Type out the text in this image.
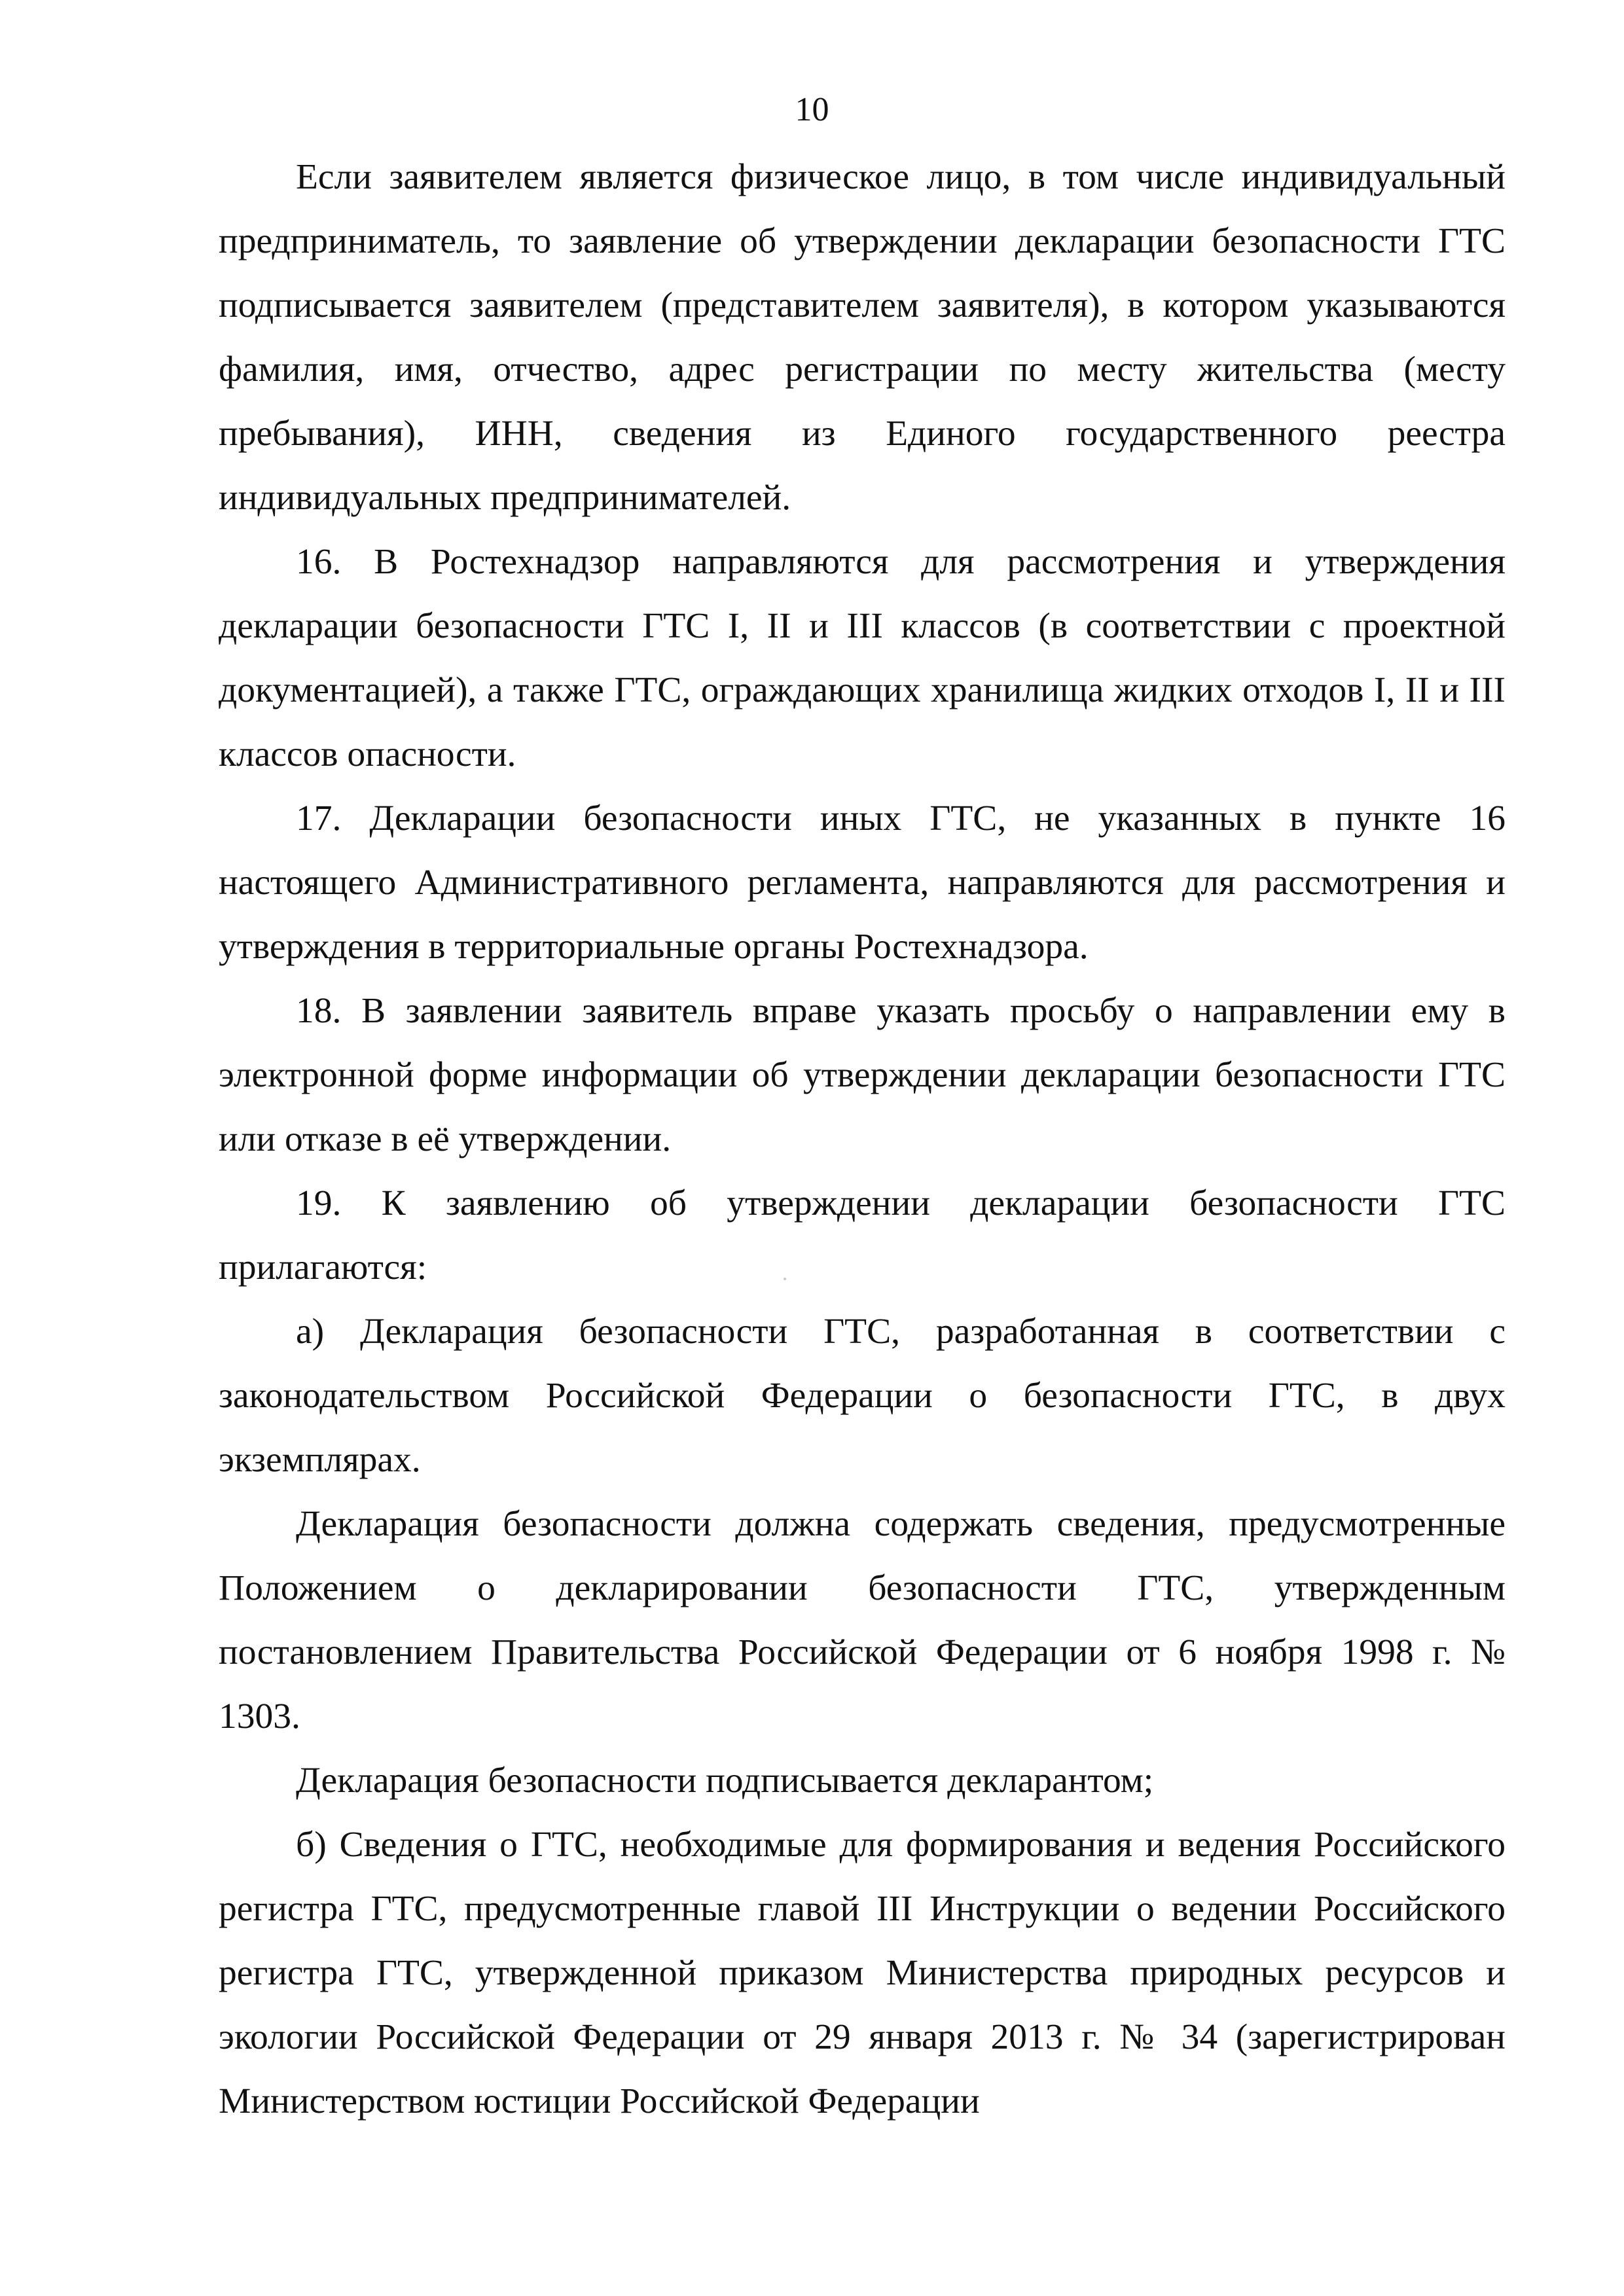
10

Если заявителем является физическое лицо, в том числе индивидуальный предприниматель, то заявление об утверждении декларации безопасности ГТС подписывается заявителем (представителем заявителя), в котором указываются фамилия, имя, отчество, адрес регистрации по месту жительства (месту пребывания), ИНН, сведения из Единого государственного реестра индивидуальных предпринимателей.

16. В Ростехнадзор направляются для рассмотрения и утверждения декларации безопасности ГТС I, II и III классов (в соответствии с проектной документацией), а также ГТС, ограждающих хранилища жидких отходов I, II и III классов опасности.

17. Декларации безопасности иных ГТС, не указанных в пункте 16 настоящего Административного регламента, направляются для рассмотрения и утверждения в территориальные органы Ростехнадзора.

18. В заявлении заявитель вправе указать просьбу о направлении ему в электронной форме информации об утверждении декларации безопасности ГТС или отказе в её утверждении.

19. К заявлению об утверждении декларации безопасности ГТС прилагаются:

а) Декларация безопасности ГТС, разработанная в соответствии с законодательством Российской Федерации о безопасности ГТС, в двух экземплярах.

Декларация безопасности должна содержать сведения, предусмотренные Положением о декларировании безопасности ГТС, утвержденным постановлением Правительства Российской Федерации от 6 ноября 1998 г. № 1303.

Декларация безопасности подписывается декларантом;

б) Сведения о ГТС, необходимые для формирования и ведения Российского регистра ГТС, предусмотренные главой III Инструкции о ведении Российского регистра ГТС, утвержденной приказом Министерства природных ресурсов и экологии Российской Федерации от 29 января 2013 г. № 34 (зарегистрирован Министерством юстиции Российской Федерации
